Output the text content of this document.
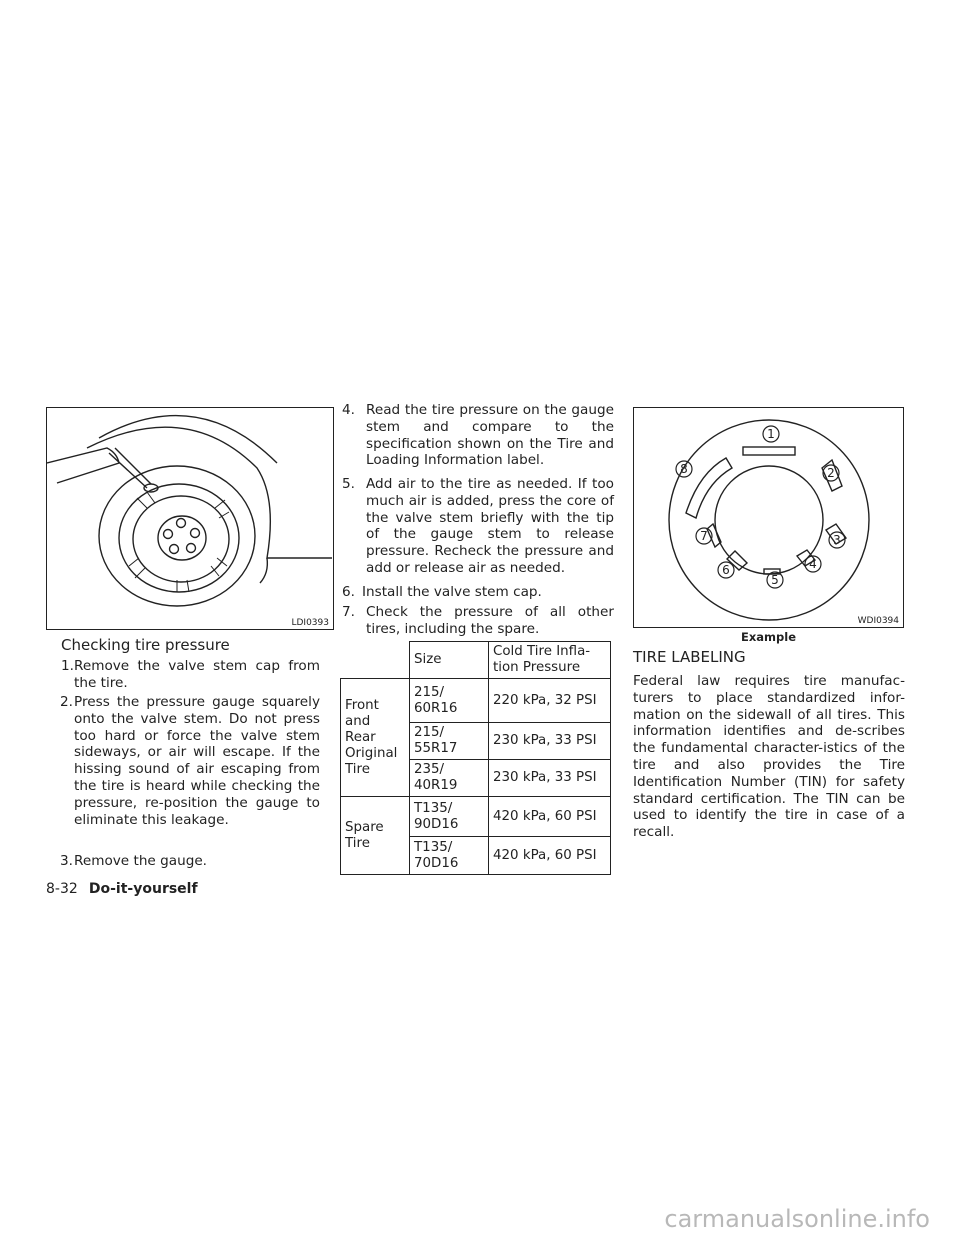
LDI0393
Checking tire pressure
1. Remove the valve stem cap from the tire.
2. Press the pressure gauge squarely onto the valve stem. Do not press too hard or force the valve stem sideways, or air will escape. If the hissing sound of air escaping from the tire is heard while checking the pressure, re-position the gauge to eliminate this leakage.
3. Remove the gauge.
4. Read the tire pressure on the gauge stem and compare to the specification shown on the Tire and Loading Information label.
5. Add air to the tire as needed. If too much air is added, press the core of the valve stem briefly with the tip of the gauge stem to release pressure. Recheck the pressure and add or release air as needed.
6. Install the valve stem cap.
7. Check the pressure of all other tires, including the spare.
	Size	Cold Tire Infla-tion Pressure
Front and Rear Original Tire	215/ 60R16	220 kPa, 32 PSI
	215/ 55R17	230 kPa, 33 PSI
	235/ 40R19	230 kPa, 33 PSI
Spare Tire	T135/ 90D16	420 kPa, 60 PSI
	T135/ 70D16	420 kPa, 60 PSI
1
2
3
4
5
6
7
8
WDI0394
Example
TIRE LABELING
Federal law requires tire manufac-turers to place standardized infor-mation on the sidewall of all tires. This information identifies and de-scribes the fundamental character-istics of the tire and also provides the Tire Identification Number (TIN) for safety standard certification. The TIN can be used to identify the tire in case of a recall.
8-32 Do-it-yourself
carmanualsonline.info
